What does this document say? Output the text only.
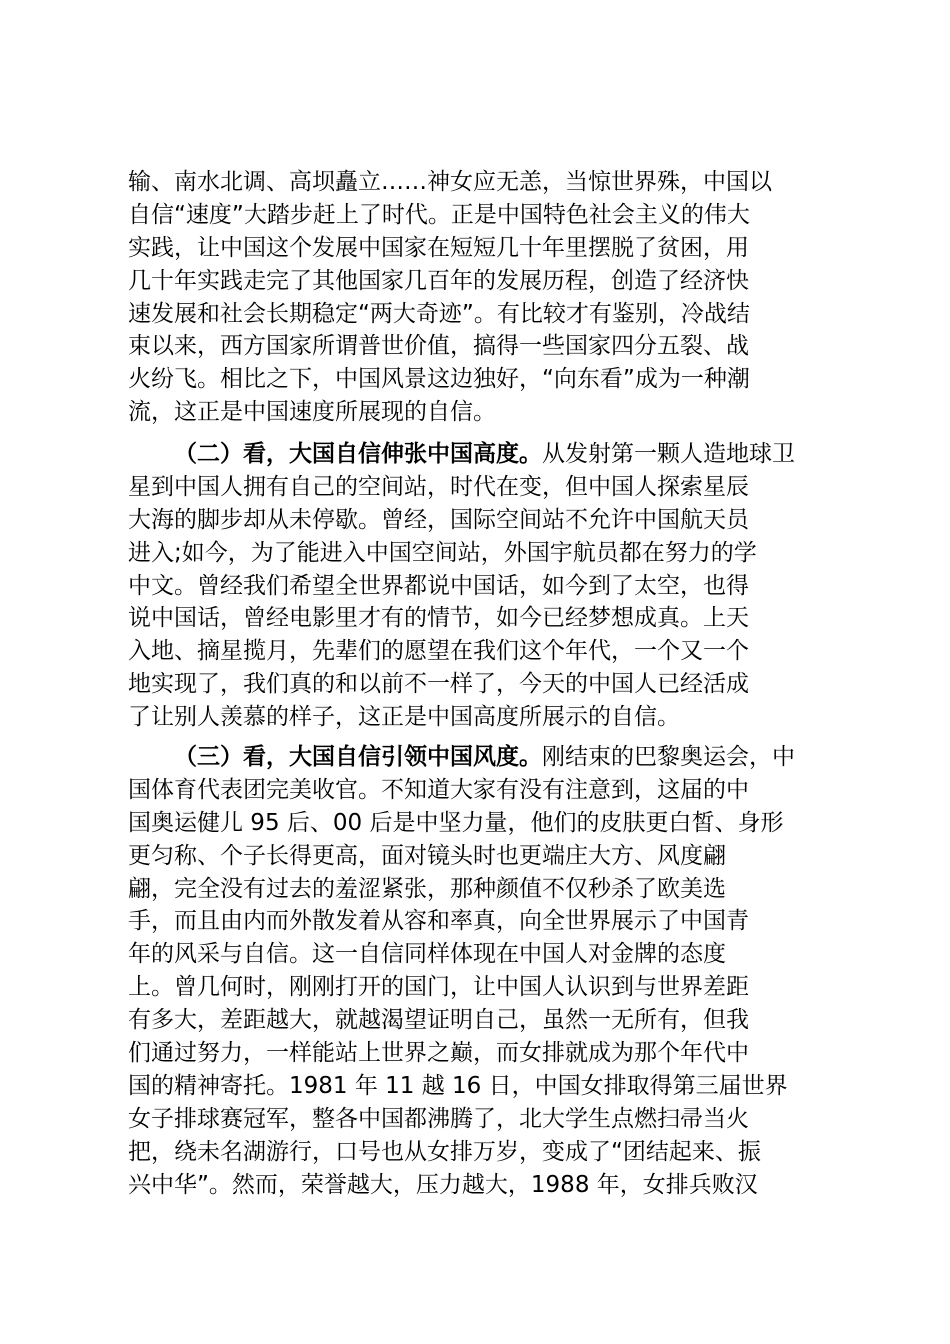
输、南水北调、高坝矗立……神女应无恙，当惊世界殊，中国以
自信“速度”大踏步赶上了时代。正是中国特色社会主义的伟大
实践，让中国这个发展中国家在短短几十年里摆脱了贫困，用
几十年实践走完了其他国家几百年的发展历程，创造了经济快
速发展和社会长期稳定“两大奇迹”。有比较才有鉴别，冷战结
束以来，西方国家所谓普世价值，搞得一些国家四分五裂、战
火纷飞。相比之下，中国风景这边独好，“向东看”成为一种潮
流，这正是中国速度所展现的自信。
（二）看，大国自信伸张中国高度。从发射第一颗人造地球卫
星到中国人拥有自己的空间站，时代在变，但中国人探索星辰
大海的脚步却从未停歇。曾经，国际空间站不允许中国航天员
进入;如今，为了能进入中国空间站，外国宇航员都在努力的学
中文。曾经我们希望全世界都说中国话，如今到了太空，也得
说中国话，曾经电影里才有的情节，如今已经梦想成真。上天
入地、摘星揽月，先辈们的愿望在我们这个年代，一个又一个
地实现了，我们真的和以前不一样了，今天的中国人已经活成
了让别人羡慕的样子，这正是中国高度所展示的自信。
（三）看，大国自信引领中国风度。刚结束的巴黎奥运会，中
国体育代表团完美收官。不知道大家有没有注意到，这届的中
国奥运健儿 95 后、00 后是中坚力量，他们的皮肤更白皙、身形
更匀称、个子长得更高，面对镜头时也更端庄大方、风度翩
翩，完全没有过去的羞涩紧张，那种颜值不仅秒杀了欧美选
手，而且由内而外散发着从容和率真，向全世界展示了中国青
年的风采与自信。这一自信同样体现在中国人对金牌的态度
上。曾几何时，刚刚打开的国门，让中国人认识到与世界差距
有多大，差距越大，就越渴望证明自己，虽然一无所有，但我
们通过努力，一样能站上世界之巅，而女排就成为那个年代中
国的精神寄托。1981 年 11 越 16 日，中国女排取得第三届世界
女子排球赛冠军，整各中国都沸腾了，北大学生点燃扫帚当火
把，绕未名湖游行，口号也从女排万岁，变成了“团结起来、振
兴中华”。然而，荣誉越大，压力越大，1988 年，女排兵败汉
